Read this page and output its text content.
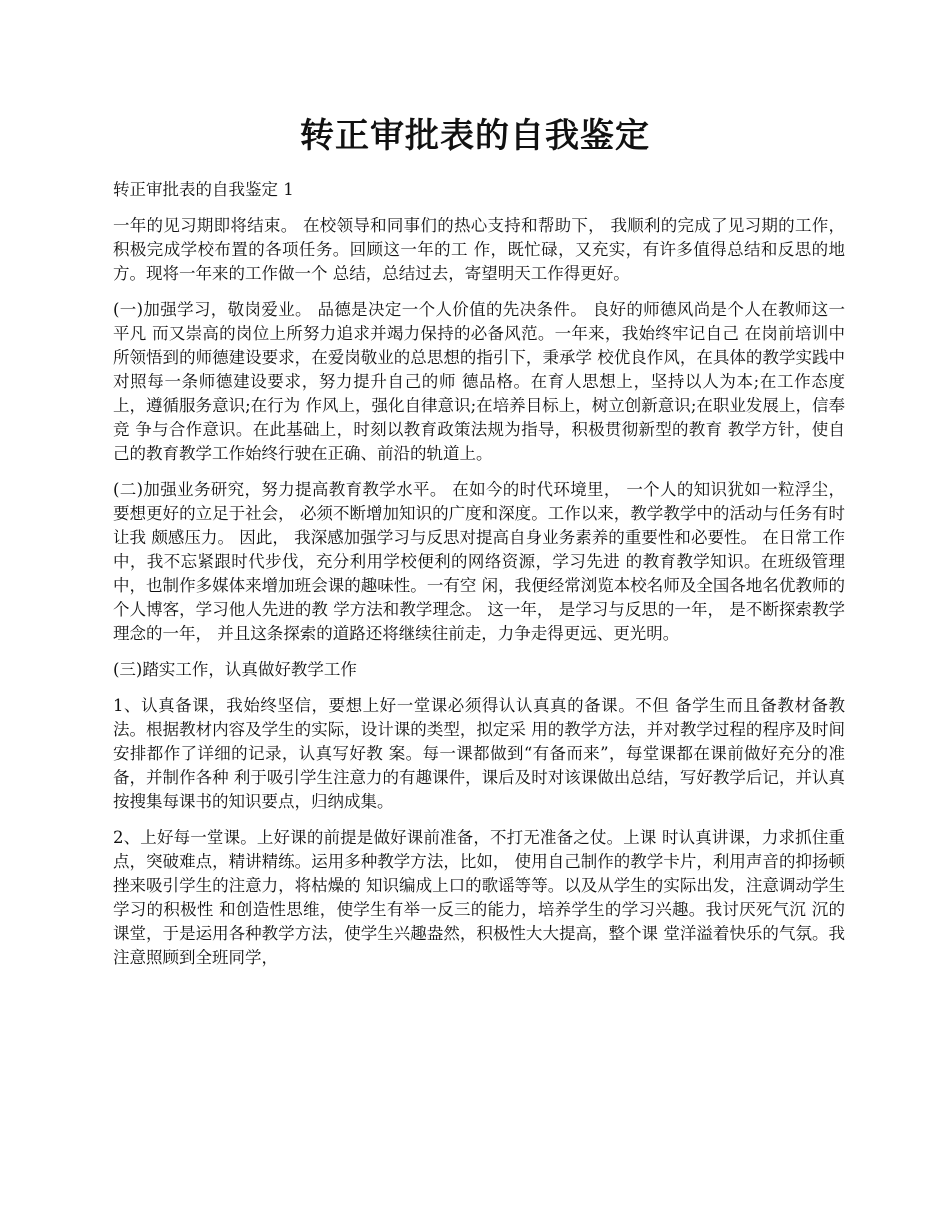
转正审批表的自我鉴定

转正审批表的自我鉴定 1

一年的见习期即将结束。 在校领导和同事们的热心支持和帮助下， 我顺利的完成了见习期的工作，积极完成学校布置的各项任务。回顾这一年的工 作，既忙碌，又充实，有许多值得总结和反思的地方。现将一年来的工作做一个 总结，总结过去，寄望明天工作得更好。

(一)加强学习，敬岗爱业。 品德是决定一个人价值的先决条件。 良好的师德风尚是个人在教师这一平凡 而又崇高的岗位上所努力追求并竭力保持的必备风范。一年来，我始终牢记自己 在岗前培训中所领悟到的师德建设要求，在爱岗敬业的总思想的指引下，秉承学 校优良作风，在具体的教学实践中对照每一条师德建设要求，努力提升自己的师 德品格。在育人思想上，坚持以人为本;在工作态度上，遵循服务意识;在行为 作风上，强化自律意识;在培养目标上，树立创新意识;在职业发展上，信奉竞 争与合作意识。在此基础上，时刻以教育政策法规为指导，积极贯彻新型的教育 教学方针，使自己的教育教学工作始终行驶在正确、前沿的轨道上。

(二)加强业务研究，努力提高教育教学水平。 在如今的时代环境里， 一个人的知识犹如一粒浮尘， 要想更好的立足于社会， 必须不断增加知识的广度和深度。工作以来，教学教学中的活动与任务有时让我 颇感压力。 因此， 我深感加强学习与反思对提高自身业务素养的重要性和必要性。 在日常工作中，我不忘紧跟时代步伐，充分利用学校便利的网络资源，学习先进 的教育教学知识。在班级管理中，也制作多媒体来增加班会课的趣味性。一有空 闲，我便经常浏览本校名师及全国各地名优教师的个人博客，学习他人先进的教 学方法和教学理念。 这一年， 是学习与反思的一年， 是不断探索教学理念的一年， 并且这条探索的道路还将继续往前走，力争走得更远、更光明。

(三)踏实工作，认真做好教学工作

1、认真备课，我始终坚信，要想上好一堂课必须得认认真真的备课。不但 备学生而且备教材备教法。根据教材内容及学生的实际，设计课的类型，拟定采 用的教学方法，并对教学过程的程序及时间安排都作了详细的记录，认真写好教 案。每一课都做到“有备而来”，每堂课都在课前做好充分的准备，并制作各种 利于吸引学生注意力的有趣课件，课后及时对该课做出总结，写好教学后记，并认真按搜集每课书的知识要点，归纳成集。

2、上好每一堂课。上好课的前提是做好课前准备，不打无准备之仗。上课 时认真讲课，力求抓住重点，突破难点，精讲精练。运用多种教学方法，比如， 使用自己制作的教学卡片，利用声音的抑扬顿挫来吸引学生的注意力，将枯燥的 知识编成上口的歌谣等等。以及从学生的实际出发，注意调动学生学习的积极性 和创造性思维，使学生有举一反三的能力，培养学生的学习兴趣。我讨厌死气沉 沉的课堂，于是运用各种教学方法，使学生兴趣盎然，积极性大大提高，整个课 堂洋溢着快乐的气氛。我注意照顾到全班同学，
